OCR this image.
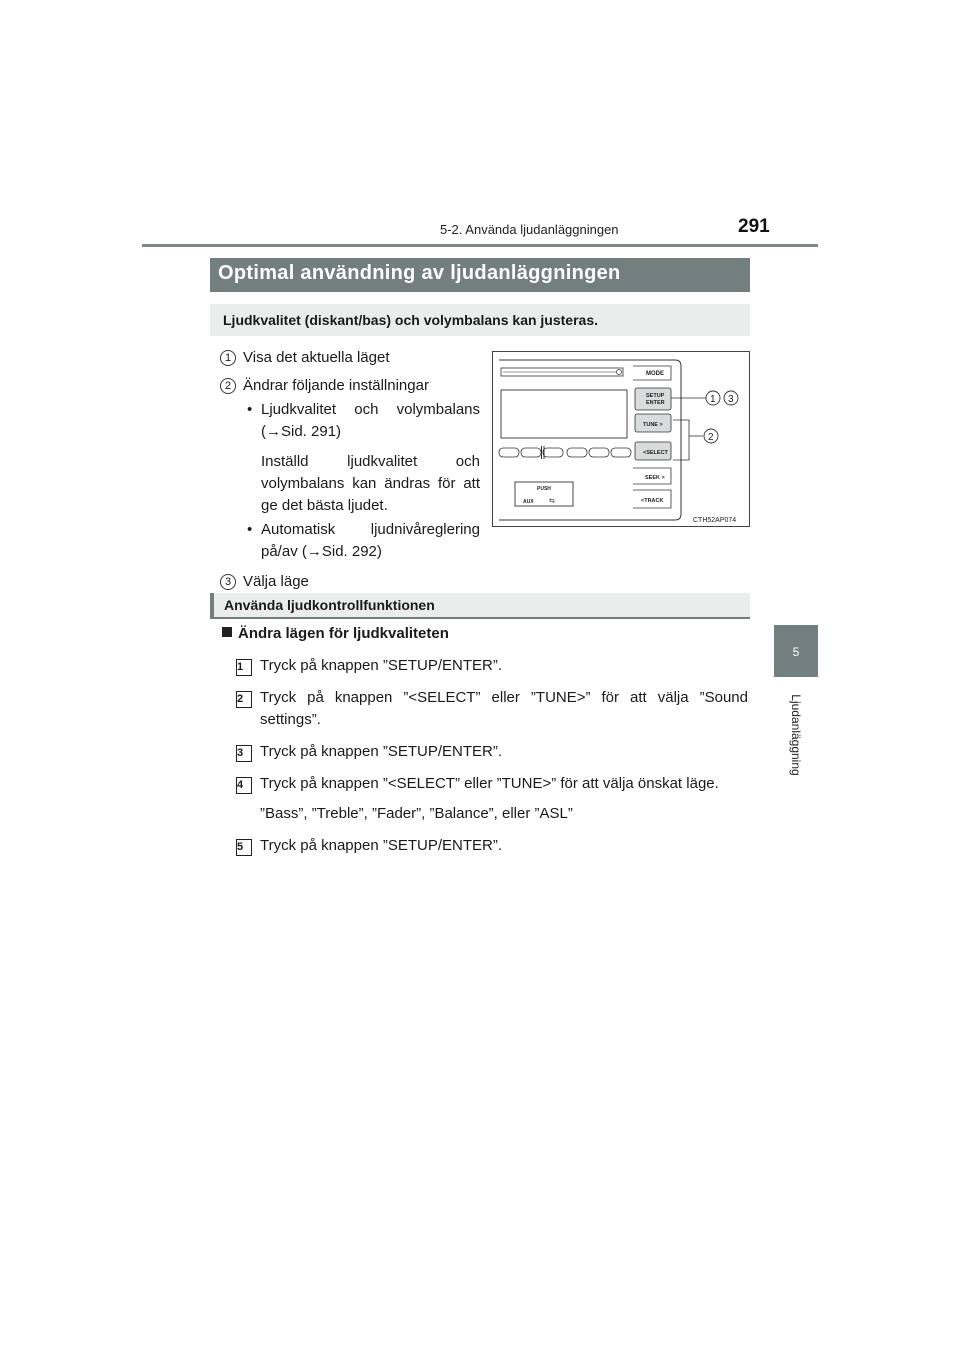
5-2. Använda ljudanläggningen	291
5
Ljudanläggning
Optimal användning av ljudanläggningen
Ljudkvalitet (diskant/bas) och volymbalans kan justeras.
1 Visa det aktuella läget
2 Ändrar följande inställningar
• Ljudkvalitet och volymbalans (→Sid. 291)
Inställd ljudkvalitet och volymbalans kan ändras för att ge det bästa ljudet.
• Automatisk ljudnivåreglering på/av (→Sid. 292)
3 Välja läge
PUSH
AUX ⇆
MODE
SETUP
ENTER
TUNE >
<SELECT
SEEK >
<TRACK
1 3
2
CTH52AP074
Använda ljudkontrollfunktionen
Ändra lägen för ljudkvaliteten
1	Tryck på knappen ”SETUP/ENTER”.
2	Tryck på knappen ”<SELECT” eller ”TUNE>” för att välja ”Sound settings”.
3	Tryck på knappen ”SETUP/ENTER”.
4	Tryck på knappen ”<SELECT” eller ”TUNE>” för att välja önskat läge.
”Bass”, ”Treble”, ”Fader”, ”Balance”, eller ”ASL”
5	Tryck på knappen ”SETUP/ENTER”.
